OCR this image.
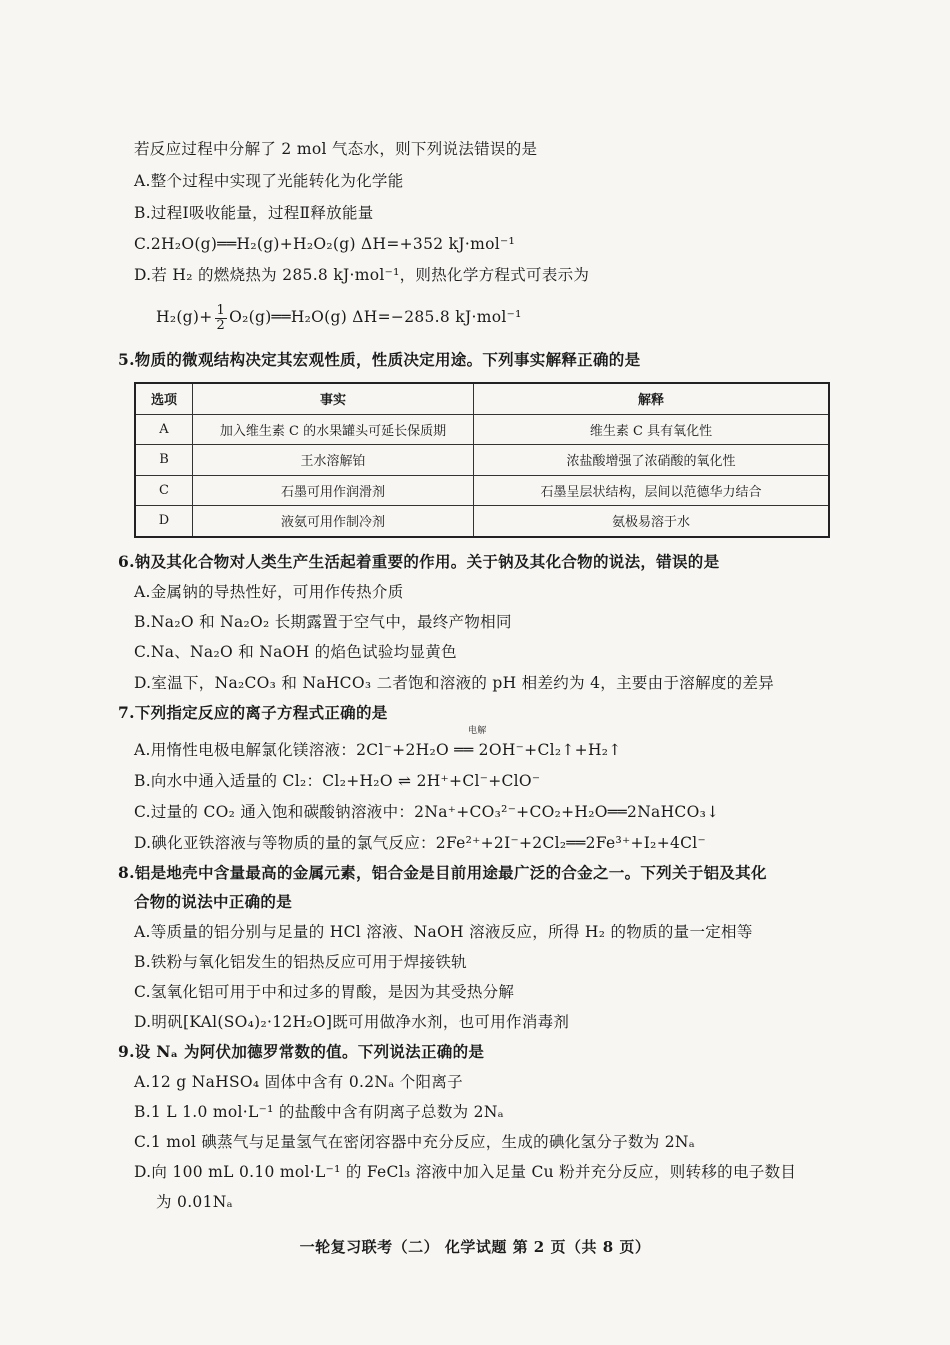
若反应过程中分解了 2 mol 气态水，则下列说法错误的是
A.整个过程中实现了光能转化为化学能
B.过程Ⅰ吸收能量，过程Ⅱ释放能量
C.2H₂O(g)══H₂(g)+H₂O₂(g) ΔH=+352 kJ·mol⁻¹
D.若 H₂ 的燃烧热为 285.8 kJ·mol⁻¹，则热化学方程式可表示为
$H_2(g)+ \frac{1}{2}$ O₂(g)══H₂O(g) ΔH=−285.8 kJ·mol⁻¹
5.物质的微观结构决定其宏观性质，性质决定用途。下列事实解释正确的是
选项	事实	解释
A	加入维生素 C 的水果罐头可延长保质期	维生素 C 具有氧化性
B	王水溶解铂	浓盐酸增强了浓硝酸的氧化性
C	石墨可用作润滑剂	石墨呈层状结构，层间以范德华力结合
D	液氨可用作制冷剂	氨极易溶于水
6.钠及其化合物对人类生产生活起着重要的作用。关于钠及其化合物的说法，错误的是
A.金属钠的导热性好，可用作传热介质
B.Na₂O 和 Na₂O₂ 长期露置于空气中，最终产物相同
C.Na、Na₂O 和 NaOH 的焰色试验均显黄色
D.室温下，Na₂CO₃ 和 NaHCO₃ 二者饱和溶液的 pH 相差约为 4，主要由于溶解度的差异
7.下列指定反应的离子方程式正确的是
电解
A.用惰性电极电解氯化镁溶液：2Cl⁻+2H₂O ══ 2OH⁻+Cl₂↑+H₂↑
B.向水中通入适量的 Cl₂：Cl₂+H₂O ⇌ 2H⁺+Cl⁻+ClO⁻
C.过量的 CO₂ 通入饱和碳酸钠溶液中：2Na⁺+CO₃²⁻+CO₂+H₂O══2NaHCO₃↓
D.碘化亚铁溶液与等物质的量的氯气反应：2Fe²⁺+2I⁻+2Cl₂══2Fe³⁺+I₂+4Cl⁻
8.铝是地壳中含量最高的金属元素，铝合金是目前用途最广泛的合金之一。下列关于铝及其化
合物的说法中正确的是
A.等质量的铝分别与足量的 HCl 溶液、NaOH 溶液反应，所得 H₂ 的物质的量一定相等
B.铁粉与氧化铝发生的铝热反应可用于焊接铁轨
C.氢氧化铝可用于中和过多的胃酸，是因为其受热分解
D.明矾[KAl(SO₄)₂·12H₂O]既可用做净水剂，也可用作消毒剂
9.设 Nₐ 为阿伏加德罗常数的值。下列说法正确的是
A.12 g NaHSO₄ 固体中含有 0.2Nₐ 个阳离子
B.1 L 1.0 mol·L⁻¹ 的盐酸中含有阴离子总数为 2Nₐ
C.1 mol 碘蒸气与足量氢气在密闭容器中充分反应，生成的碘化氢分子数为 2Nₐ
D.向 100 mL 0.10 mol·L⁻¹ 的 FeCl₃ 溶液中加入足量 Cu 粉并充分反应，则转移的电子数目
为 0.01Nₐ
一轮复习联考（二） 化学试题 第 2 页（共 8 页）
